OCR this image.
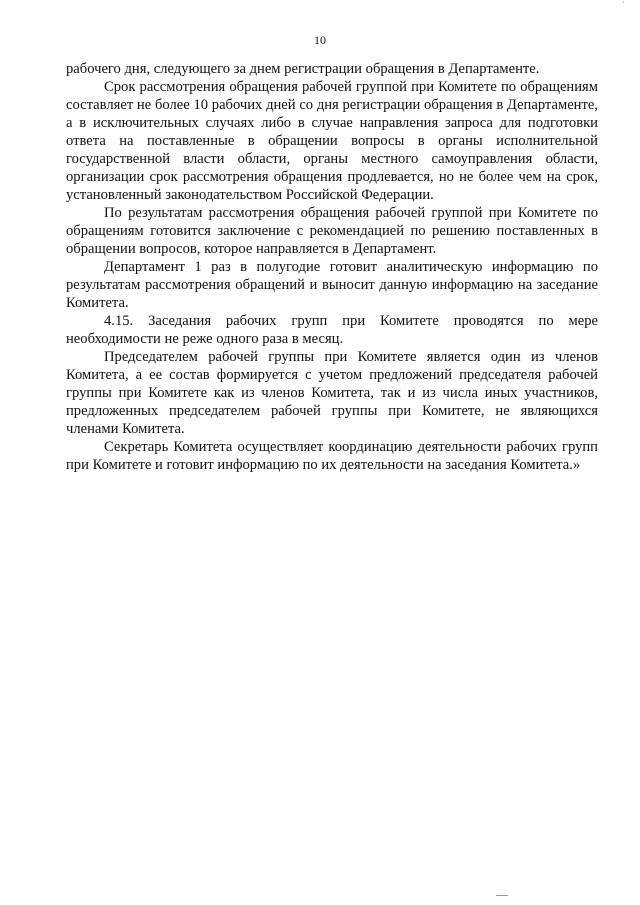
·
10

рабочего дня, следующего за днем регистрации обращения в Департаменте.

Срок рассмотрения обращения рабочей группой при Комитете по обращениям составляет не более 10 рабочих дней со дня регистрации обращения в Департаменте, а в исключительных случаях либо в случае направления запроса для подготовки ответа на поставленные в обращении вопросы в органы исполнительной государственной власти области, органы местного самоуправления области, организации срок рассмотрения обращения продлевается, но не более чем на срок, установленный законодательством Российской Федерации.

По результатам рассмотрения обращения рабочей группой при Комитете по обращениям готовится заключение с рекомендацией по решению поставленных в обращении вопросов, которое направляется в Департамент.

Департамент 1 раз в полугодие готовит аналитическую информацию по результатам рассмотрения обращений и выносит данную информацию на заседание Комитета.

4.15. Заседания рабочих групп при Комитете проводятся по мере необходимости не реже одного раза в месяц.

Председателем рабочей группы при Комитете является один из членов Комитета, а ее состав формируется с учетом предложений председателя рабочей группы при Комитете как из членов Комитета, так и из числа иных участников, предложенных председателем рабочей группы при Комитете, не являющихся членами Комитета.

Секретарь Комитета осуществляет координацию деятельности рабочих групп при Комитете и готовит информацию по их деятельности на заседания Комитета.»
